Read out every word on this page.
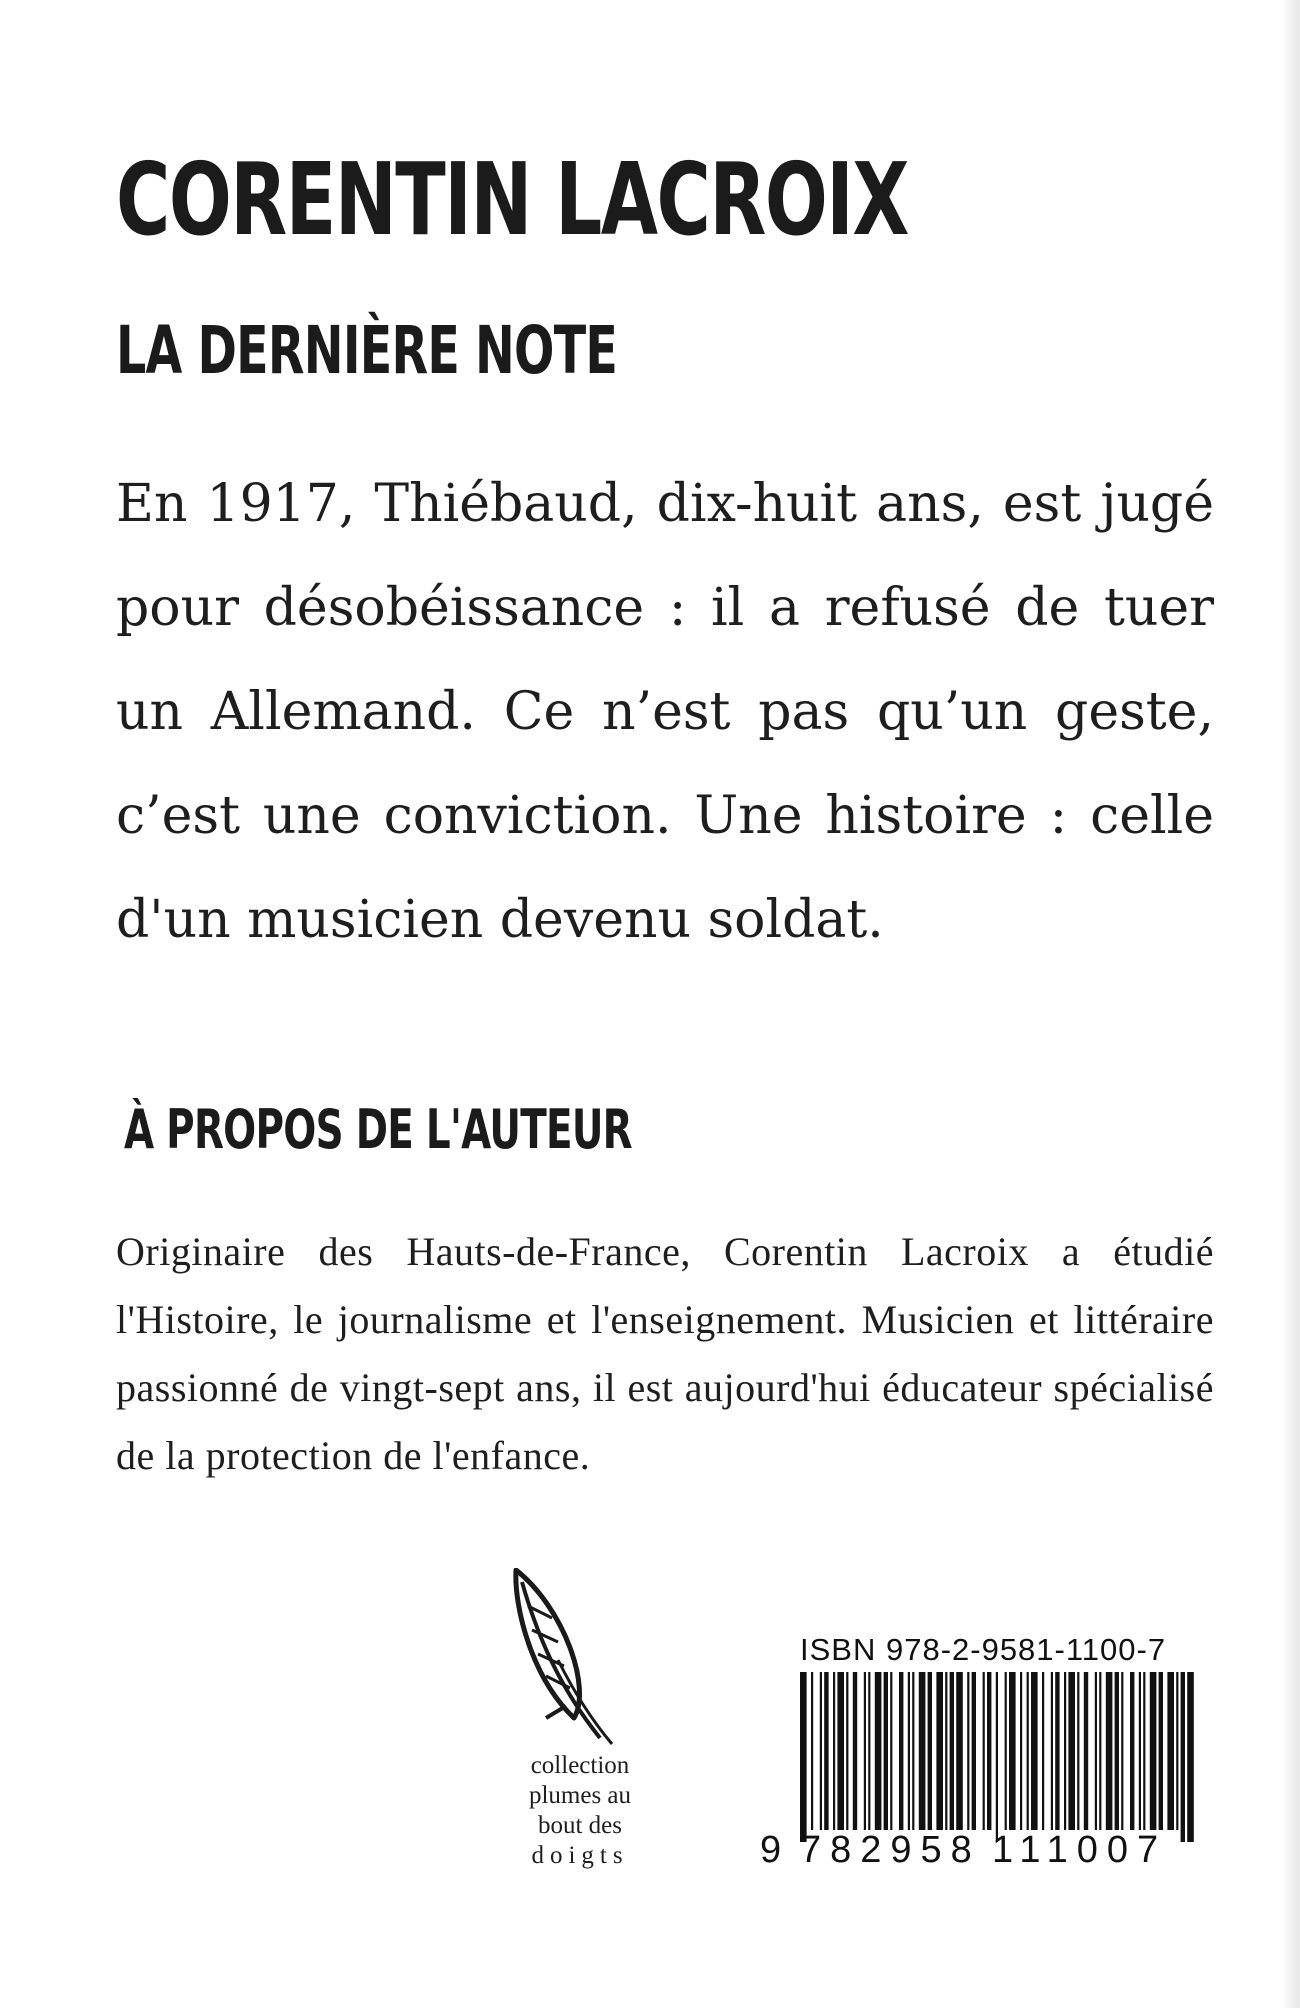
CORENTIN LACROIX
LA DERNIÈRE NOTE

En 1917, Thiébaud, dix-huit ans, est jugé pour désobéissance : il a refusé de tuer un Allemand. Ce n’est pas qu’un geste, c’est une conviction. Une histoire : celle d'un musicien devenu soldat.

À PROPOS DE L'AUTEUR

Originaire des Hauts-de-France, Corentin Lacroix a étudié l'Histoire, le journalisme et l'enseignement. Musicien et littéraire passionné de vingt-sept ans, il est aujourd'hui éducateur spécialisé de la protection de l'enfance.

collection
plumes au
bout des
doigts
ISBN 978-2-9581-1100-7
9 782958 111007
